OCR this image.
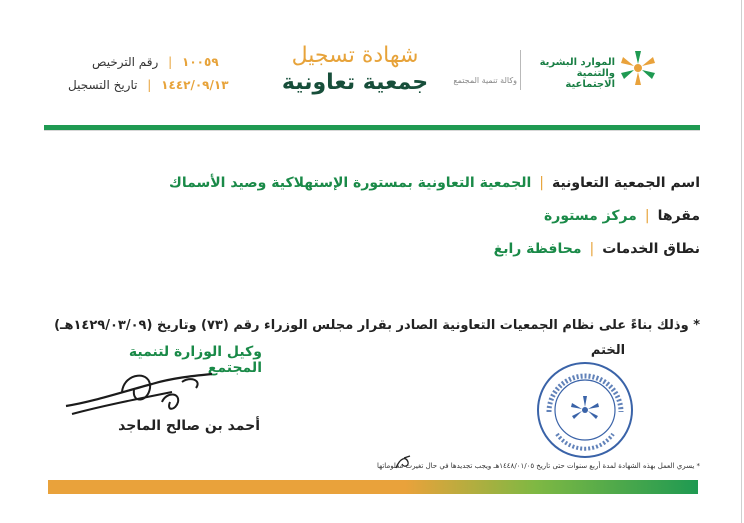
الموارد البشرية
والتنمية الاجتماعية
وكالة تنمية المجتمع
شهادة تسجيل
جمعية تعاونية
١٠٠٥٩ | رقم الترخيص
١٤٤٢/٠٩/١٣ | تاريخ التسجيل
اسم الجمعية التعاونية|الجمعية التعاونية بمستورة الإستهلاكية وصيد الأسماك
مقرها|مركز مستورة
نطاق الخدمات|محافظة رابغ
* وذلك بناءً على نظام الجمعيات التعاونية الصادر بقرار مجلس الوزراء رقم (٧٣) وتاريخ (١٤٢٩/٠٣/٠٩هـ)
وكيل الوزارة لتنمية المجتمع
أحمد بن صالح الماجد
الختم
* يسري العمل بهذه الشهادة لمدة أربع سنوات حتى تاريخ ١٤٤٨/٠١/٠٥هـ ويجب تجديدها في حال تغيرت معلوماتها
